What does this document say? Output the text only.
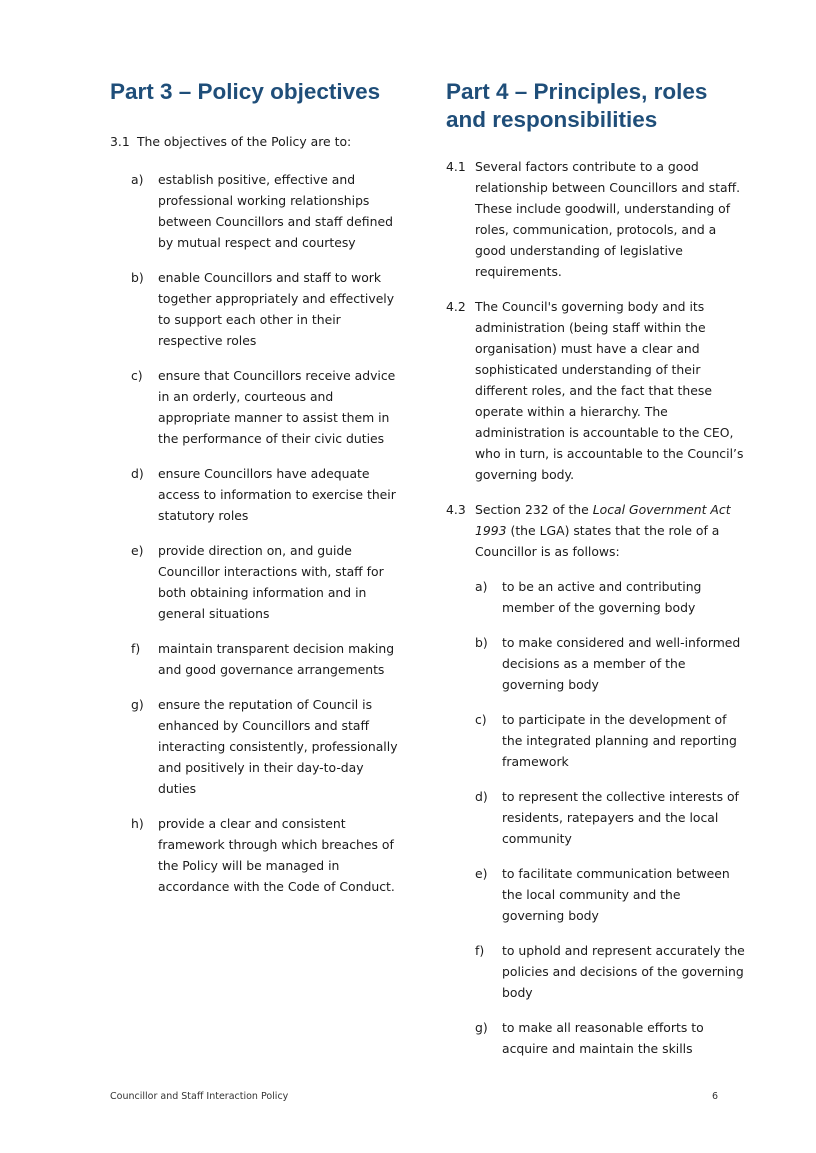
Part 3 – Policy objectives

3.1 The objectives of the Policy are to:

a)	establish positive, effective and professional working relationships between Councillors and staff defined by mutual respect and courtesy
b)	enable Councillors and staff to work together appropriately and effectively to support each other in their respective roles
c)	ensure that Councillors receive advice in an orderly, courteous and appropriate manner to assist them in the performance of their civic duties
d)	ensure Councillors have adequate access to information to exercise their statutory roles
e)	provide direction on, and guide Councillor interactions with, staff for both obtaining information and in general situations
f)	maintain transparent decision making and good governance arrangements
g)	ensure the reputation of Council is enhanced by Councillors and staff interacting consistently, professionally and positively in their day-to-day duties
h)	provide a clear and consistent framework through which breaches of the Policy will be managed in accordance with the Code of Conduct.
Part 4 – Principles, roles and responsibilities
4.1 Several factors contribute to a good relationship between Councillors and staff. These include goodwill, understanding of roles, communication, protocols, and a good understanding of legislative requirements.
4.2 The Council's governing body and its administration (being staff within the organisation) must have a clear and sophisticated understanding of their different roles, and the fact that these operate within a hierarchy. The administration is accountable to the CEO, who in turn, is accountable to the Council’s governing body.
4.3 Section 232 of the Local Government Act 1993 (the LGA) states that the role of a Councillor is as follows:
a)	to be an active and contributing member of the governing body
b)	to make considered and well-informed decisions as a member of the governing body
c)	to participate in the development of the integrated planning and reporting framework
d)	to represent the collective interests of residents, ratepayers and the local community
e)	to facilitate communication between the local community and the governing body
f)	to uphold and represent accurately the policies and decisions of the governing body
g)	to make all reasonable efforts to acquire and maintain the skills
Councillor and Staff Interaction Policy	6
